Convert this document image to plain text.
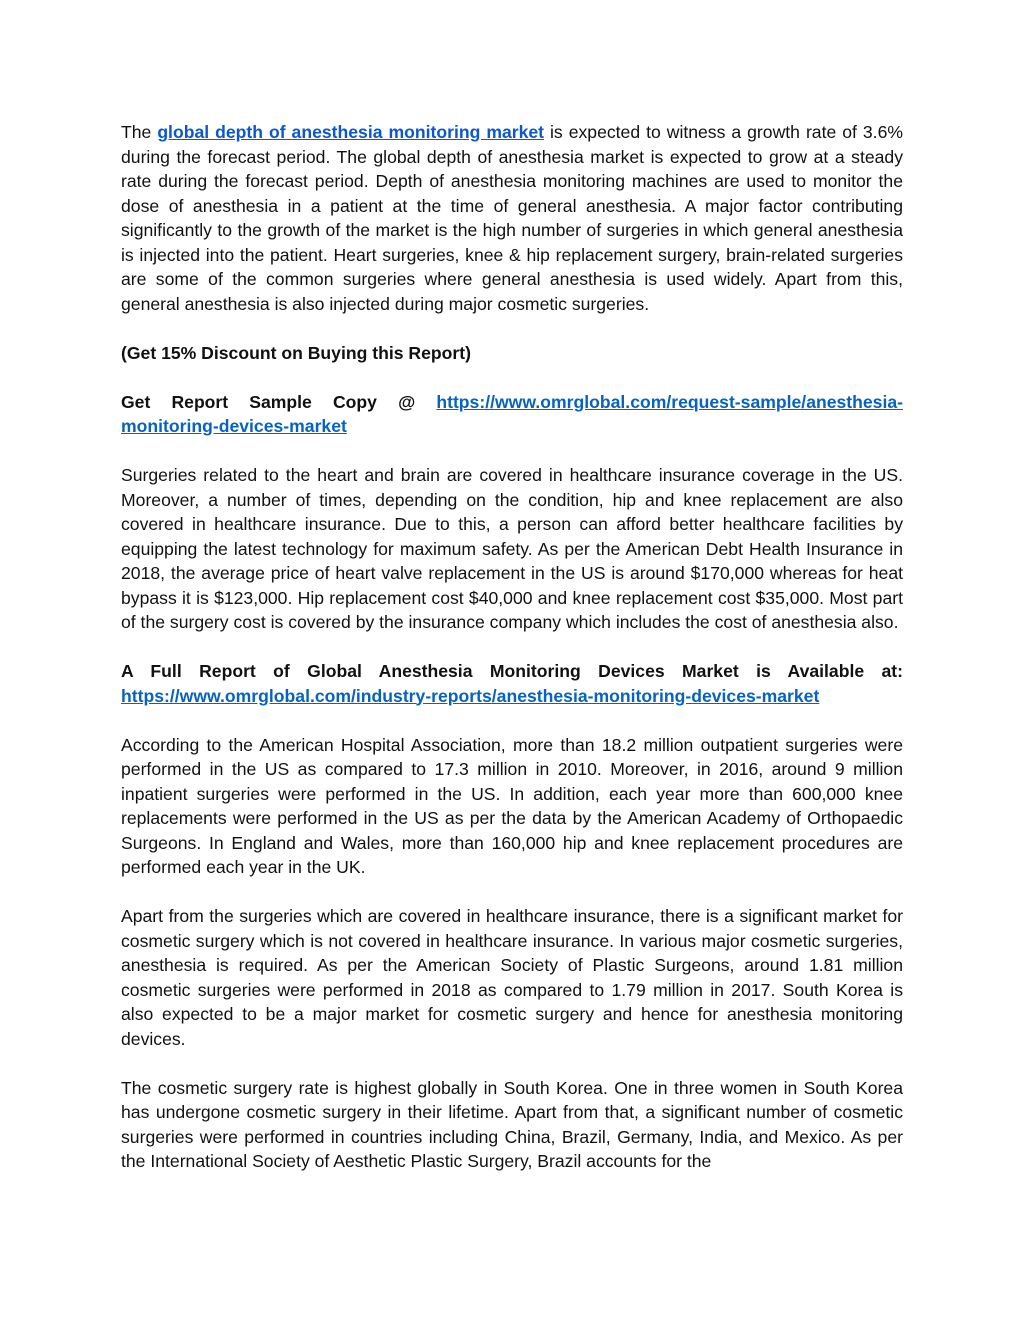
The global depth of anesthesia monitoring market is expected to witness a growth rate of 3.6% during the forecast period. The global depth of anesthesia market is expected to grow at a steady rate during the forecast period. Depth of anesthesia monitoring machines are used to monitor the dose of anesthesia in a patient at the time of general anesthesia. A major factor contributing significantly to the growth of the market is the high number of surgeries in which general anesthesia is injected into the patient. Heart surgeries, knee & hip replacement surgery, brain-related surgeries are some of the common surgeries where general anesthesia is used widely. Apart from this, general anesthesia is also injected during major cosmetic surgeries.

(Get 15% Discount on Buying this Report)

Get Report Sample Copy @ https://www.omrglobal.com/request-sample/anesthesia-monitoring-devices-market

Surgeries related to the heart and brain are covered in healthcare insurance coverage in the US. Moreover, a number of times, depending on the condition, hip and knee replacement are also covered in healthcare insurance. Due to this, a person can afford better healthcare facilities by equipping the latest technology for maximum safety. As per the American Debt Health Insurance in 2018, the average price of heart valve replacement in the US is around $170,000 whereas for heat bypass it is $123,000. Hip replacement cost $40,000 and knee replacement cost $35,000. Most part of the surgery cost is covered by the insurance company which includes the cost of anesthesia also.

A Full Report of Global Anesthesia Monitoring Devices Market is Available at: https://www.omrglobal.com/industry-reports/anesthesia-monitoring-devices-market

According to the American Hospital Association, more than 18.2 million outpatient surgeries were performed in the US as compared to 17.3 million in 2010. Moreover, in 2016, around 9 million inpatient surgeries were performed in the US. In addition, each year more than 600,000 knee replacements were performed in the US as per the data by the American Academy of Orthopaedic Surgeons. In England and Wales, more than 160,000 hip and knee replacement procedures are performed each year in the UK.

Apart from the surgeries which are covered in healthcare insurance, there is a significant market for cosmetic surgery which is not covered in healthcare insurance. In various major cosmetic surgeries, anesthesia is required. As per the American Society of Plastic Surgeons, around 1.81 million cosmetic surgeries were performed in 2018 as compared to 1.79 million in 2017. South Korea is also expected to be a major market for cosmetic surgery and hence for anesthesia monitoring devices.

The cosmetic surgery rate is highest globally in South Korea. One in three women in South Korea has undergone cosmetic surgery in their lifetime. Apart from that, a significant number of cosmetic surgeries were performed in countries including China, Brazil, Germany, India, and Mexico. As per the International Society of Aesthetic Plastic Surgery, Brazil accounts for the
